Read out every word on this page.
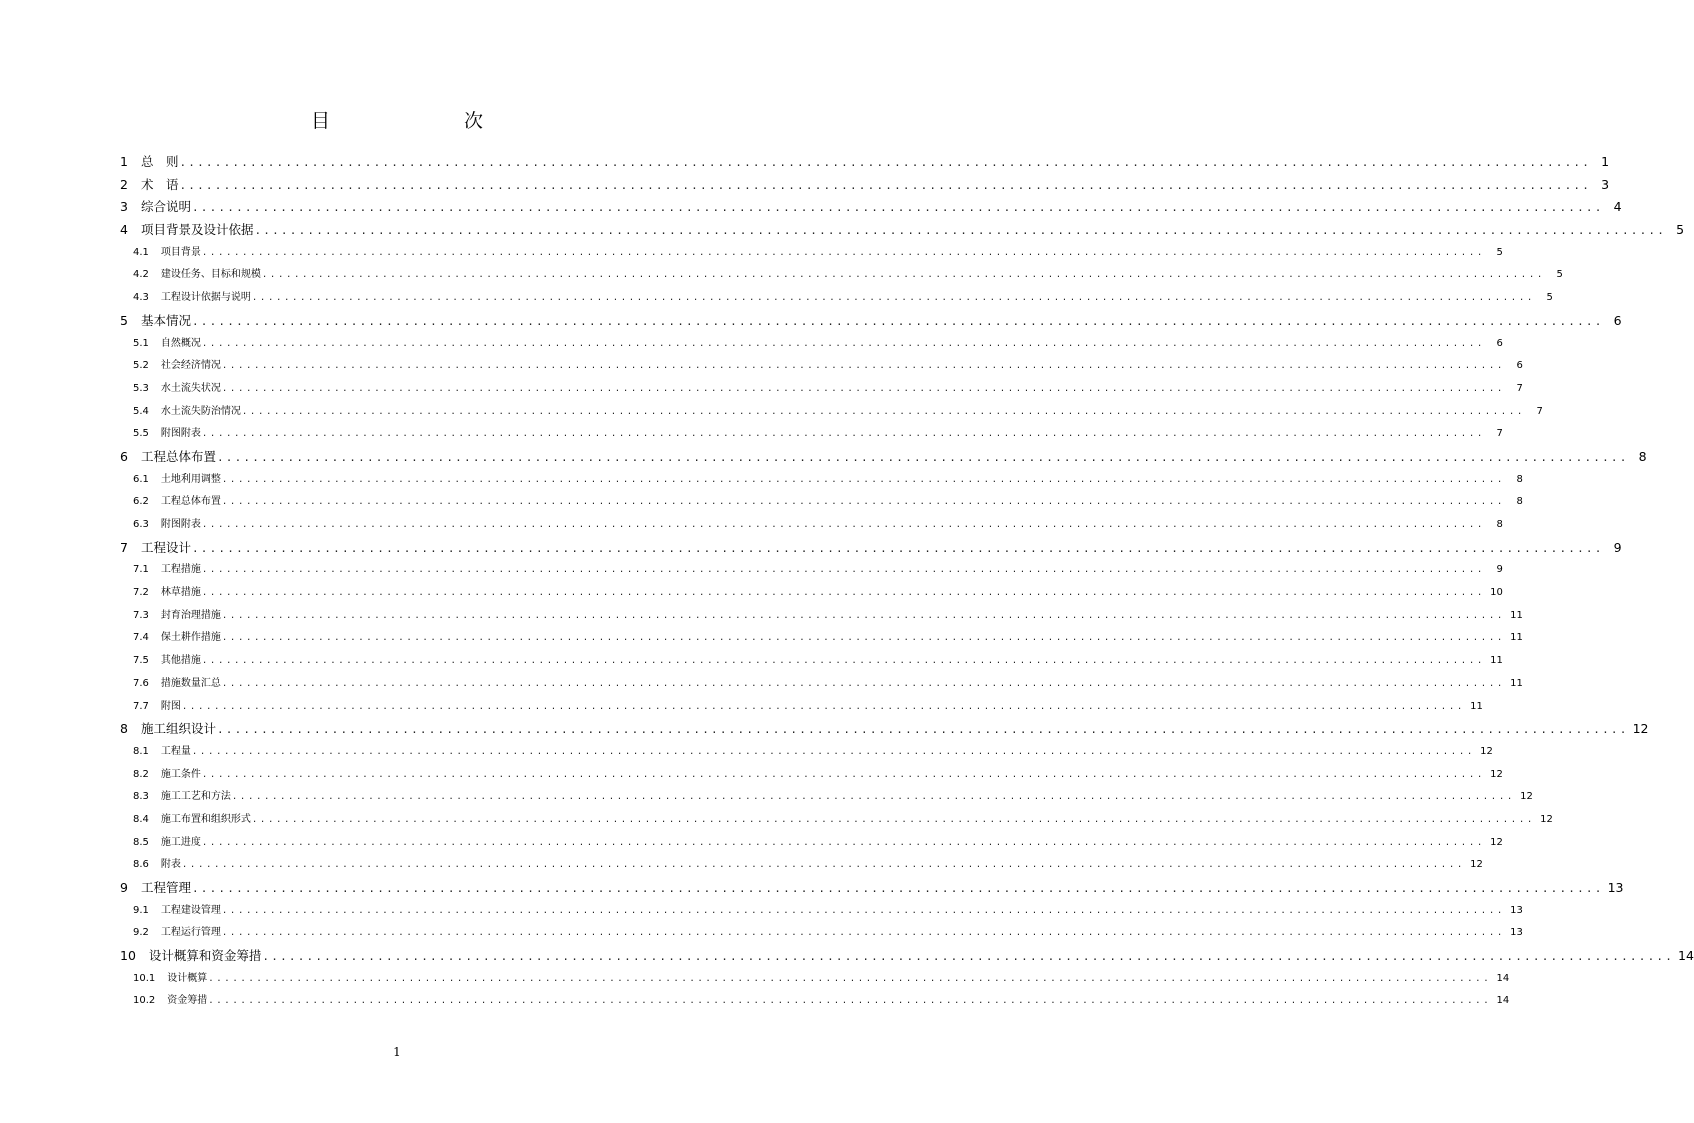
目　　次
1 总　则 ................................................................................................................................................................ 1
2 术　语 ................................................................................................................................................................ 3
3 综合说明 ................................................................................................................................................................ 4
4 项目背景及设计依据 ................................................................................................................................................................ 5
4.1 项目背景 ................................................................................................................................................................	5
4.2 建设任务、目标和规模 ................................................................................................................................................................	5
4.3 工程设计依据与说明 ................................................................................................................................................................	5
5 基本情况 ................................................................................................................................................................ 6
5.1 自然概况 ................................................................................................................................................................	6
5.2 社会经济情况 ................................................................................................................................................................	6
5.3 水土流失状况 ................................................................................................................................................................	7
5.4 水土流失防治情况 ................................................................................................................................................................	7
5.5 附图附表 ................................................................................................................................................................	7
6 工程总体布置 ................................................................................................................................................................ 8
6.1 土地利用调整 ................................................................................................................................................................	8
6.2 工程总体布置 ................................................................................................................................................................	8
6.3 附图附表 ................................................................................................................................................................	8
7 工程设计 ................................................................................................................................................................ 9
7.1 工程措施 ................................................................................................................................................................	9
7.2 林草措施 ................................................................................................................................................................ 10
7.3 封育治理措施 ................................................................................................................................................................ 11
7.4 保土耕作措施 ................................................................................................................................................................ 11
7.5 其他措施 ................................................................................................................................................................ 11
7.6 措施数量汇总 ................................................................................................................................................................ 11
7.7 附图 ................................................................................................................................................................ 11
8 施工组织设计 ................................................................................................................................................................ 12
8.1 工程量 ................................................................................................................................................................ 12
8.2 施工条件 ................................................................................................................................................................ 12
8.3 施工工艺和方法 ................................................................................................................................................................ 12
8.4 施工布置和组织形式 ................................................................................................................................................................ 12
8.5 施工进度 ................................................................................................................................................................ 12
8.6 附表 ................................................................................................................................................................ 12
9 工程管理 ................................................................................................................................................................ 13
9.1 工程建设管理 ................................................................................................................................................................ 13
9.2 工程运行管理 ................................................................................................................................................................ 13
10 设计概算和资金筹措 ................................................................................................................................................................ 14
10.1 设计概算 ................................................................................................................................................................ 14
10.2 资金筹措 ................................................................................................................................................................ 14
1
